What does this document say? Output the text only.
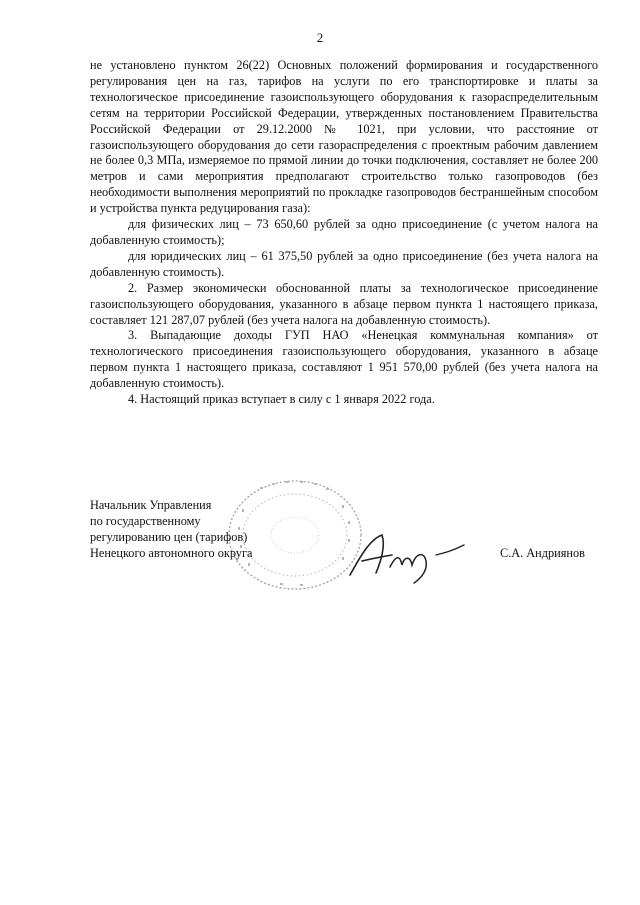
2

не установлено пунктом 26(22) Основных положений формирования и государственного регулирования цен на газ, тарифов на услуги по его транспортировке и платы за технологическое присоединение газоиспользующего оборудования к газораспределительным сетям на территории Российской Федерации, утвержденных постановлением Правительства Российской Федерации от 29.12.2000 № 1021, при условии, что расстояние от газоиспользующего оборудования до сети газораспределения с проектным рабочим давлением не более 0,3 МПа, измеряемое по прямой линии до точки подключения, составляет не более 200 метров и сами мероприятия предполагают строительство только газопроводов (без необходимости выполнения мероприятий по прокладке газопроводов бестраншейным способом и устройства пункта редуцирования газа):

для физических лиц – 73 650,60 рублей за одно присоединение (с учетом налога на добавленную стоимость);

для юридических лиц – 61 375,50 рублей за одно присоединение (без учета налога на добавленную стоимость).

2. Размер экономически обоснованной платы за технологическое присоединение газоиспользующего оборудования, указанного в абзаце первом пункта 1 настоящего приказа, составляет 121 287,07 рублей (без учета налога на добавленную стоимость).

3. Выпадающие доходы ГУП НАО «Ненецкая коммунальная компания» от технологического присоединения газоиспользующего оборудования, указанного в абзаце первом пункта 1 настоящего приказа, составляют 1 951 570,00 рублей (без учета налога на добавленную стоимость).

4. Настоящий приказ вступает в силу с 1 января 2022 года.

Начальник Управления
по государственному
регулированию цен (тарифов)
Ненецкого автономного округа	С.А. Андриянов
